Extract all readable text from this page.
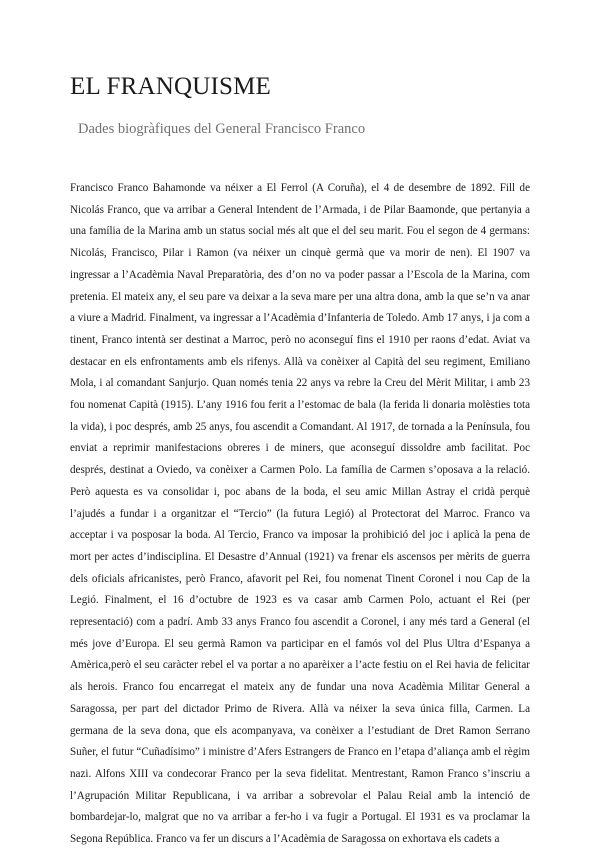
EL FRANQUISME
Dades biogràfiques del General Francisco Franco

Francisco Franco Bahamonde va néixer a El Ferrol (A Coruña), el 4 de desembre de 1892. Fill de Nicolás Franco, que va arribar a General Intendent de l’Armada, i de Pilar Baamonde, que pertanyia a una família de la Marina amb un status social més alt que el del seu marit. Fou el segon de 4 germans: Nicolás, Francisco, Pilar i Ramon (va néixer un cinquè germà que va morir de nen). El 1907 va ingressar a l’Acadèmia Naval Preparatòria, des d’on no va poder passar a l’Escola de la Marina, com pretenia. El mateix any, el seu pare va deixar a la seva mare per una altra dona, amb la que se’n va anar a viure a Madrid. Finalment, va ingressar a l’Acadèmia d’Infanteria de Toledo. Amb 17 anys, i ja com a tinent, Franco intentà ser destinat a Marroc, però no aconseguí fins el 1910 per raons d’edat. Aviat va destacar en els enfrontaments amb els rifenys. Allà va conèixer al Capità del seu regiment, Emiliano Mola, i al comandant Sanjurjo. Quan només tenia 22 anys va rebre la Creu del Mèrit Militar, i amb 23 fou nomenat Capità (1915). L’any 1916 fou ferit a l’estomac de bala (la ferida li donaria molèsties tota la vida), i poc després, amb 25 anys, fou ascendit a Comandant. Al 1917, de tornada a la Península, fou enviat a reprimir manifestacions obreres i de miners, que aconseguí dissoldre amb facilitat. Poc després, destinat a Oviedo, va conèixer a Carmen Polo. La família de Carmen s’oposava a la relació. Però aquesta es va consolidar i, poc abans de la boda, el seu amic Millan Astray el cridà perquè l’ajudés a fundar i a organitzar el “Tercio” (la futura Legió) al Protectorat del Marroc. Franco va acceptar i va posposar la boda. Al Tercio, Franco va imposar la prohibició del joc i aplicà la pena de mort per actes d’indisciplina. El Desastre d’Annual (1921) va frenar els ascensos per mèrits de guerra dels oficials africanistes, però Franco, afavorit pel Rei, fou nomenat Tinent Coronel i nou Cap de la Legió. Finalment, el 16 d’octubre de 1923 es va casar amb Carmen Polo, actuant el Rei (per representació) com a padrí. Amb 33 anys Franco fou ascendit a Coronel, i any més tard a General (el més jove d’Europa. El seu germà Ramon va participar en el famós vol del Plus Ultra d’Espanya a Amèrica,però el seu caràcter rebel el va portar a no aparèixer a l’acte festiu on el Rei havia de felicitar als herois. Franco fou encarregat el mateix any de fundar una nova Acadèmia Militar General a Saragossa, per part del dictador Primo de Rivera. Allà va néixer la seva única filla, Carmen. La germana de la seva dona, que els acompanyava, va conèixer a l’estudiant de Dret Ramon Serrano Suñer, el futur “Cuñadísimo” i ministre d’Afers Estrangers de Franco en l’etapa d’aliança amb el règim nazi. Alfons XIII va condecorar Franco per la seva fidelitat. Mentrestant, Ramon Franco s’inscriu a l’Agrupación Militar Republicana, i va arribar a sobrevolar el Palau Reial amb la intenció de bombardejar-lo, malgrat que no va arribar a fer-ho i va fugir a Portugal. El 1931 es va proclamar la Segona República. Franco va fer un discurs a l’Acadèmia de Saragossa on exhortava els cadets a
